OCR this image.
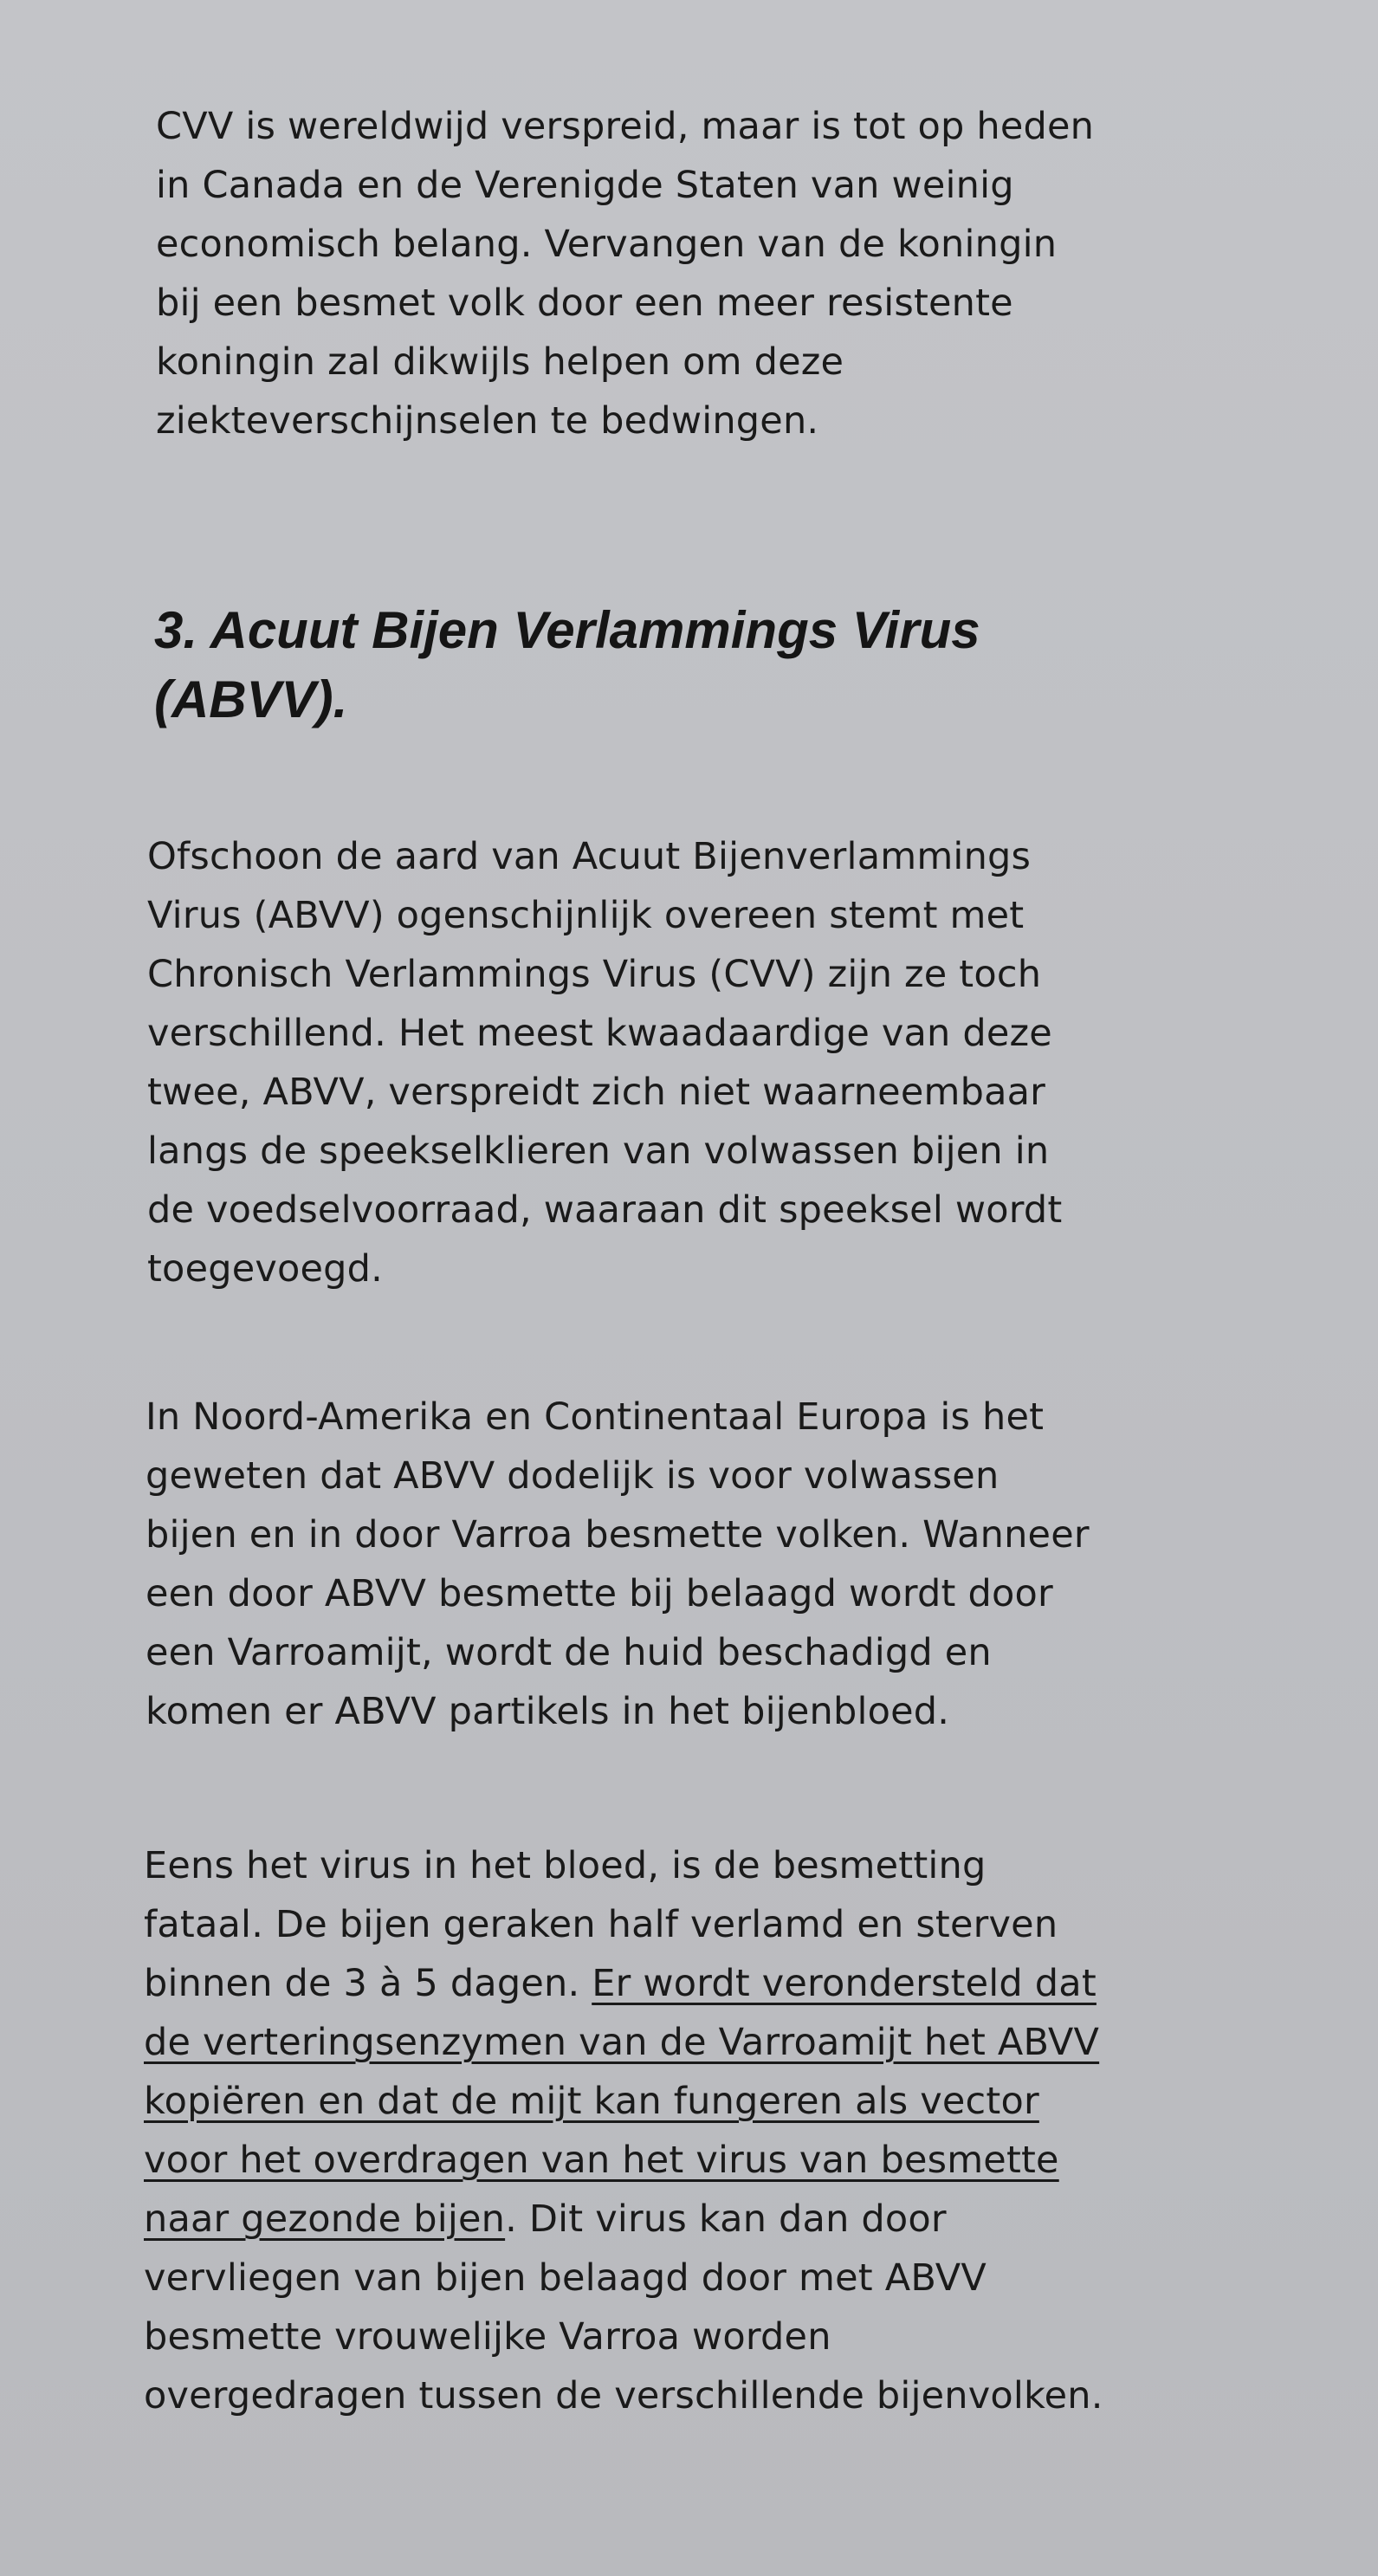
CVV is wereldwijd verspreid, maar is tot op heden
in Canada en de Verenigde Staten van weinig
economisch belang. Vervangen van de koningin
bij een besmet volk door een meer resistente
koningin zal dikwijls helpen om deze
ziekteverschijnselen te bedwingen.

3. Acuut Bijen Verlammings Virus
(ABVV).

Ofschoon de aard van Acuut Bijenverlammings
Virus (ABVV) ogenschijnlijk overeen stemt met
Chronisch Verlammings Virus (CVV) zijn ze toch
verschillend. Het meest kwaadaardige van deze
twee, ABVV, verspreidt zich niet waarneembaar
langs de speekselklieren van volwassen bijen in
de voedselvoorraad, waaraan dit speeksel wordt
toegevoegd.

In Noord-Amerika en Continentaal Europa is het
geweten dat ABVV dodelijk is voor volwassen
bijen en in door Varroa besmette volken. Wanneer
een door ABVV besmette bij belaagd wordt door
een Varroamijt, wordt de huid beschadigd en
komen er ABVV partikels in het bijenbloed.

Eens het virus in het bloed, is de besmetting
fataal. De bijen geraken half verlamd en sterven
binnen de 3 à 5 dagen. Er wordt verondersteld dat
de verteringsenzymen van de Varroamijt het ABVV
kopiëren en dat de mijt kan fungeren als vector
voor het overdragen van het virus van besmette
naar gezonde bijen. Dit virus kan dan door
vervliegen van bijen belaagd door met ABVV
besmette vrouwelijke Varroa worden
overgedragen tussen de verschillende bijenvolken.
